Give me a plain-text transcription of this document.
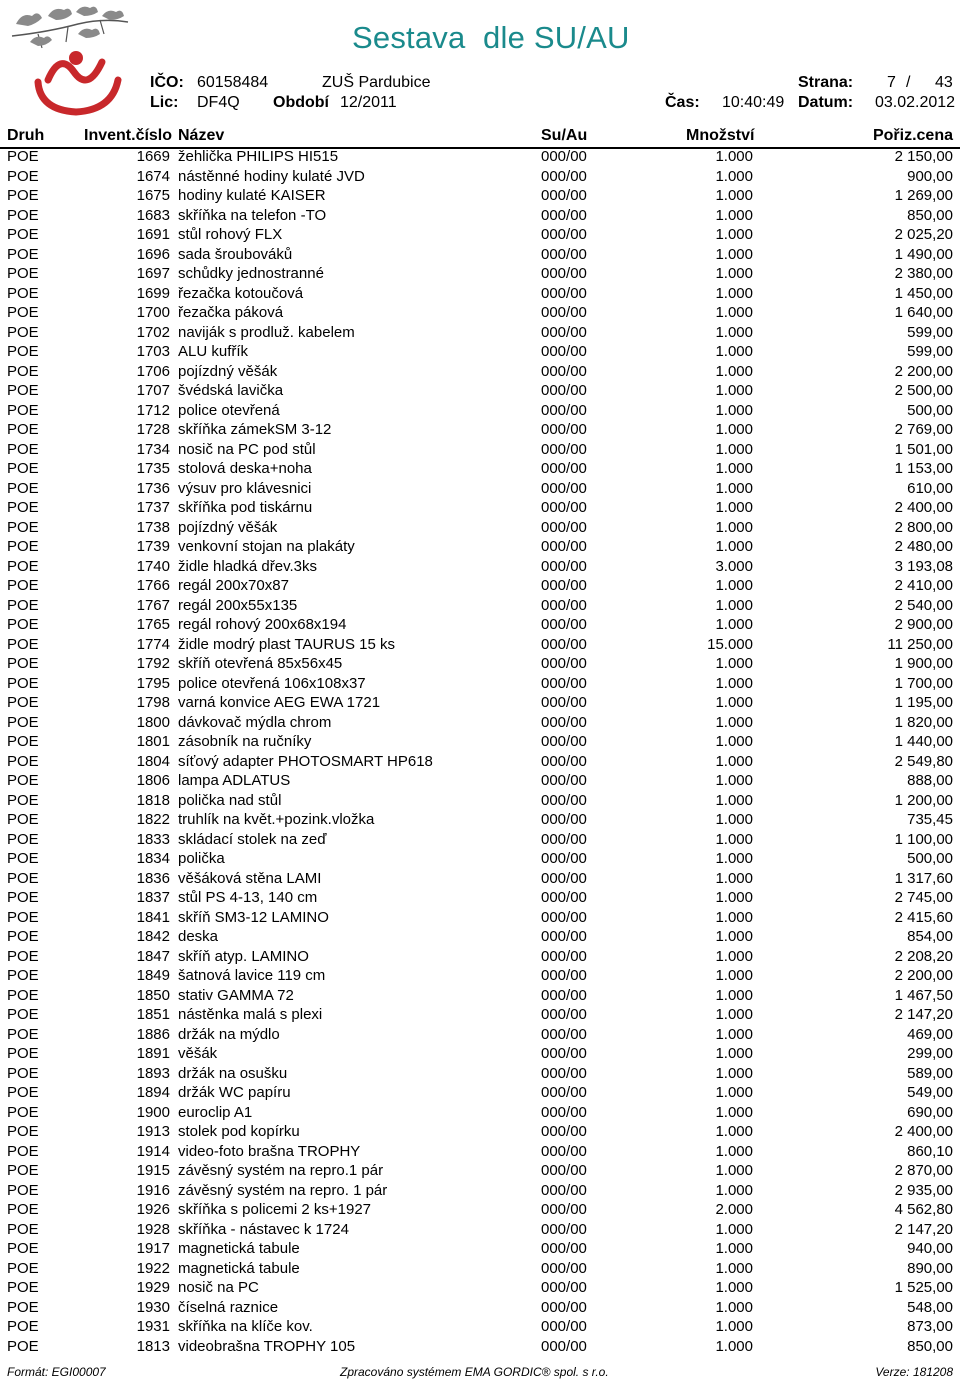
Sestava  dle SU/AU
IČO: 60158484	ZUŠ Pardubice	Strana: 7 / 43
Lic: DF4Q Období 12/2011	Čas: 10:40:49 Datum: 03.02.2012
Druh Invent.číslo Název	Su/Au	Množství	Pořiz.cena
POE	1669 žehlička PHILIPS HI515	000/00	1.000	2 150,00
POE	1674 nástěnné hodiny kulaté JVD	000/00	1.000	900,00
POE	1675 hodiny kulaté KAISER	000/00	1.000	1 269,00
POE	1683 skříňka na telefon -TO	000/00	1.000	850,00
POE	1691 stůl rohový FLX	000/00	1.000	2 025,20
POE	1696 sada šroubováků	000/00	1.000	1 490,00
POE	1697 schůdky jednostranné	000/00	1.000	2 380,00
POE	1699 řezačka kotoučová	000/00	1.000	1 450,00
POE	1700 řezačka páková	000/00	1.000	1 640,00
POE	1702 naviják s prodluž. kabelem	000/00	1.000	599,00
POE	1703 ALU kufřík	000/00	1.000	599,00
POE	1706 pojízdný věšák	000/00	1.000	2 200,00
POE	1707 švédská lavička	000/00	1.000	2 500,00
POE	1712 police otevřená	000/00	1.000	500,00
POE	1728 skříňka zámekSM 3-12	000/00	1.000	2 769,00
POE	1734 nosič na PC pod stůl	000/00	1.000	1 501,00
POE	1735 stolová deska+noha	000/00	1.000	1 153,00
POE	1736 výsuv pro klávesnici	000/00	1.000	610,00
POE	1737 skříňka pod tiskárnu	000/00	1.000	2 400,00
POE	1738 pojízdný věšák	000/00	1.000	2 800,00
POE	1739 venkovní stojan na plakáty	000/00	1.000	2 480,00
POE	1740 židle hladká dřev.3ks	000/00	3.000	3 193,08
POE	1766 regál 200x70x87	000/00	1.000	2 410,00
POE	1767 regál 200x55x135	000/00	1.000	2 540,00
POE	1765 regál rohový 200x68x194	000/00	1.000	2 900,00
POE	1774 židle modrý plast TAURUS 15 ks	000/00	15.000	11 250,00
POE	1792 skříň otevřená 85x56x45	000/00	1.000	1 900,00
POE	1795 police otevřená 106x108x37	000/00	1.000	1 700,00
POE	1798 varná konvice AEG EWA 1721	000/00	1.000	1 195,00
POE	1800 dávkovač mýdla chrom	000/00	1.000	1 820,00
POE	1801 zásobník na ručníky	000/00	1.000	1 440,00
POE	1804 síťový adapter PHOTOSMART HP618	000/00	1.000	2 549,80
POE	1806 lampa ADLATUS	000/00	1.000	888,00
POE	1818 polička nad stůl	000/00	1.000	1 200,00
POE	1822 truhlík na květ.+pozink.vložka	000/00	1.000	735,45
POE	1833 skládací stolek na zeď	000/00	1.000	1 100,00
POE	1834 polička	000/00	1.000	500,00
POE	1836 věšáková stěna LAMI	000/00	1.000	1 317,60
POE	1837 stůl PS 4-13, 140 cm	000/00	1.000	2 745,00
POE	1841 skříň SM3-12 LAMINO	000/00	1.000	2 415,60
POE	1842 deska	000/00	1.000	854,00
POE	1847 skříň atyp. LAMINO	000/00	1.000	2 208,20
POE	1849 šatnová lavice 119 cm	000/00	1.000	2 200,00
POE	1850 stativ GAMMA 72	000/00	1.000	1 467,50
POE	1851 nástěnka malá s plexi	000/00	1.000	2 147,20
POE	1886 držák na mýdlo	000/00	1.000	469,00
POE	1891 věšák	000/00	1.000	299,00
POE	1893 držák na osušku	000/00	1.000	589,00
POE	1894 držák WC papíru	000/00	1.000	549,00
POE	1900 euroclip A1	000/00	1.000	690,00
POE	1913 stolek pod kopírku	000/00	1.000	2 400,00
POE	1914 video-foto brašna TROPHY	000/00	1.000	860,10
POE	1915 závěsný systém na repro.1 pár	000/00	1.000	2 870,00
POE	1916 závěsný systém na repro. 1 pár	000/00	1.000	2 935,00
POE	1926 skříňka s policemi 2 ks+1927	000/00	2.000	4 562,80
POE	1928 skříňka - nástavec k 1724	000/00	1.000	2 147,20
POE	1917 magnetická tabule	000/00	1.000	940,00
POE	1922 magnetická tabule	000/00	1.000	890,00
POE	1929 nosič na PC	000/00	1.000	1 525,00
POE	1930 číselná raznice	000/00	1.000	548,00
POE	1931 skříňka na klíče kov.	000/00	1.000	873,00
POE	1813 videobrašna TROPHY 105	000/00	1.000	850,00
Formát: EGI00007	Zpracováno systémem EMA GORDIC® spol. s r.o.	Verze: 181208
